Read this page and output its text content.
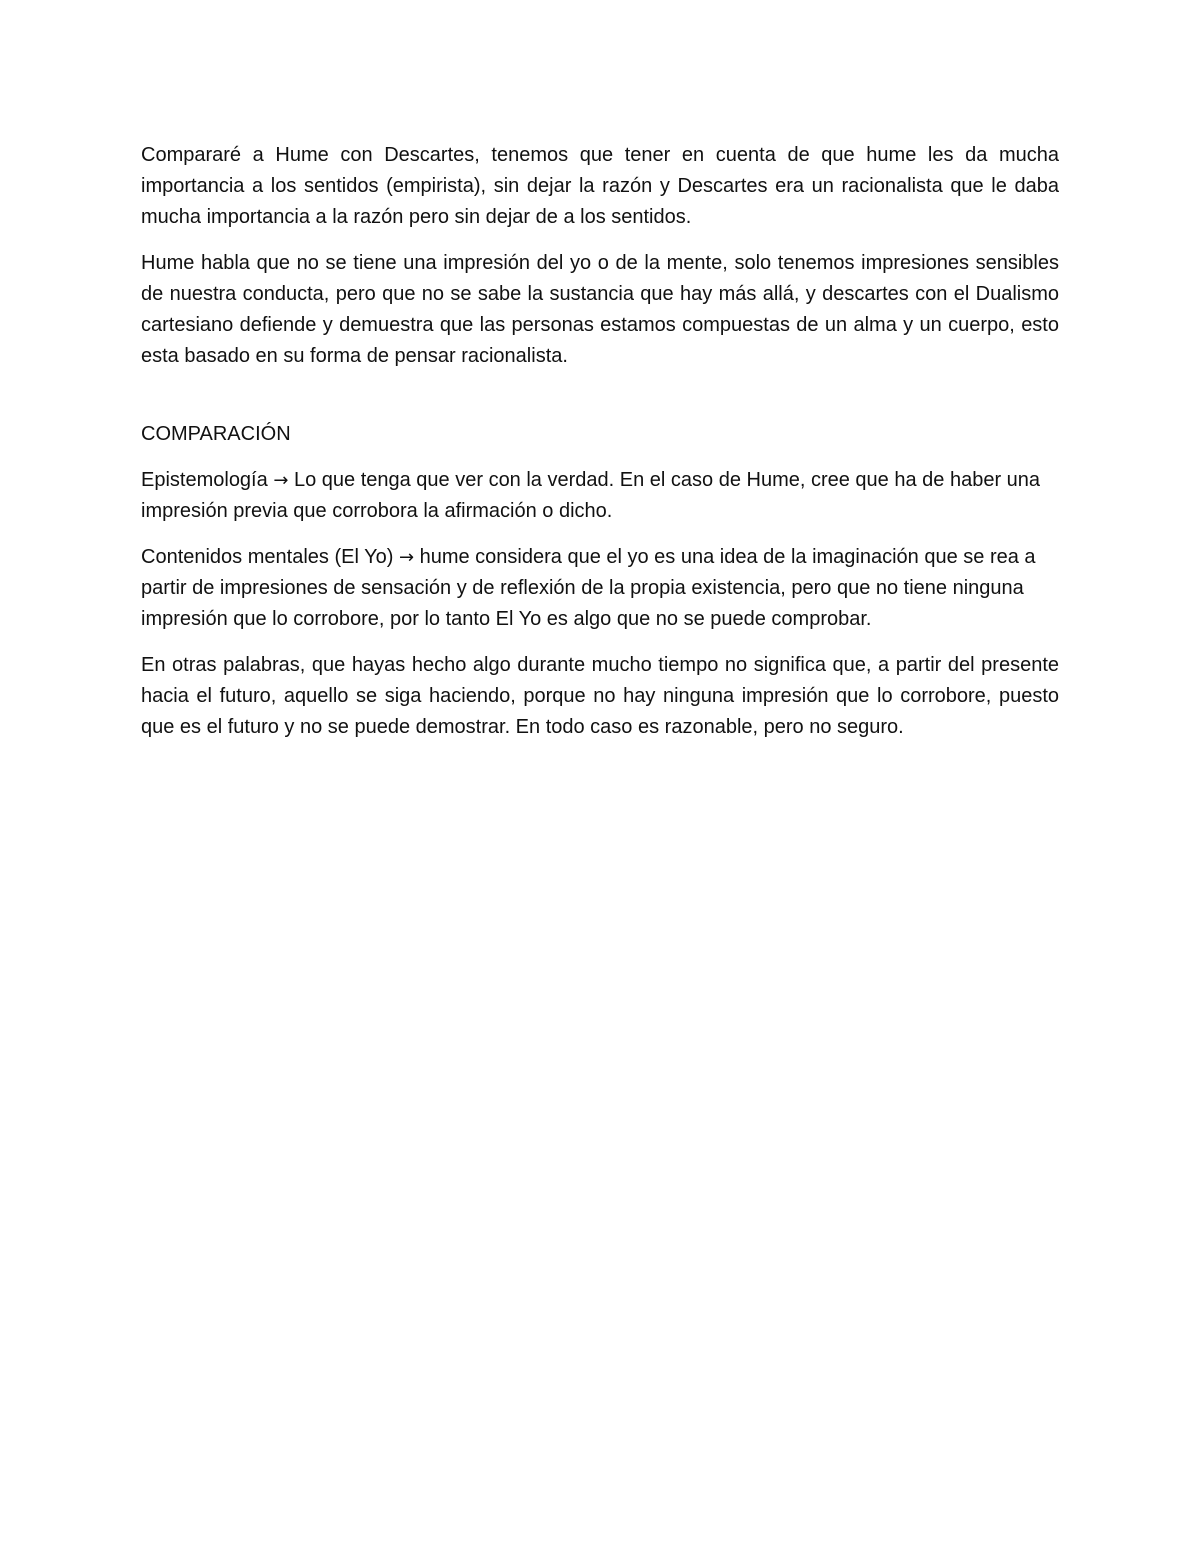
Compararé a Hume con Descartes, tenemos que tener en cuenta de que hume les da mucha importancia a los sentidos (empirista), sin dejar la razón y Descartes era un racionalista que le daba mucha importancia a la razón pero sin dejar de a los sentidos.

Hume habla que no se tiene una impresión del yo o de la mente, solo tenemos impresiones sensibles de nuestra conducta, pero que no se sabe la sustancia que hay más allá, y descartes con el Dualismo cartesiano defiende y demuestra que las personas estamos compuestas de un alma y un cuerpo, esto esta basado en su forma de pensar racionalista.

COMPARACIÓN

Epistemología → Lo que tenga que ver con la verdad. En el caso de Hume, cree que ha de haber una impresión previa que corrobora la afirmación o dicho.

Contenidos mentales (El Yo) → hume considera que el yo es una idea de la imaginación que se rea a partir de impresiones de sensación y de reflexión de la propia existencia, pero que no tiene ninguna impresión que lo corrobore, por lo tanto El Yo es algo que no se puede comprobar.

En otras palabras, que hayas hecho algo durante mucho tiempo no significa que, a partir del presente hacia el futuro, aquello se siga haciendo, porque no hay ninguna impresión que lo corrobore, puesto que es el futuro y no se puede demostrar. En todo caso es razonable, pero no seguro.
